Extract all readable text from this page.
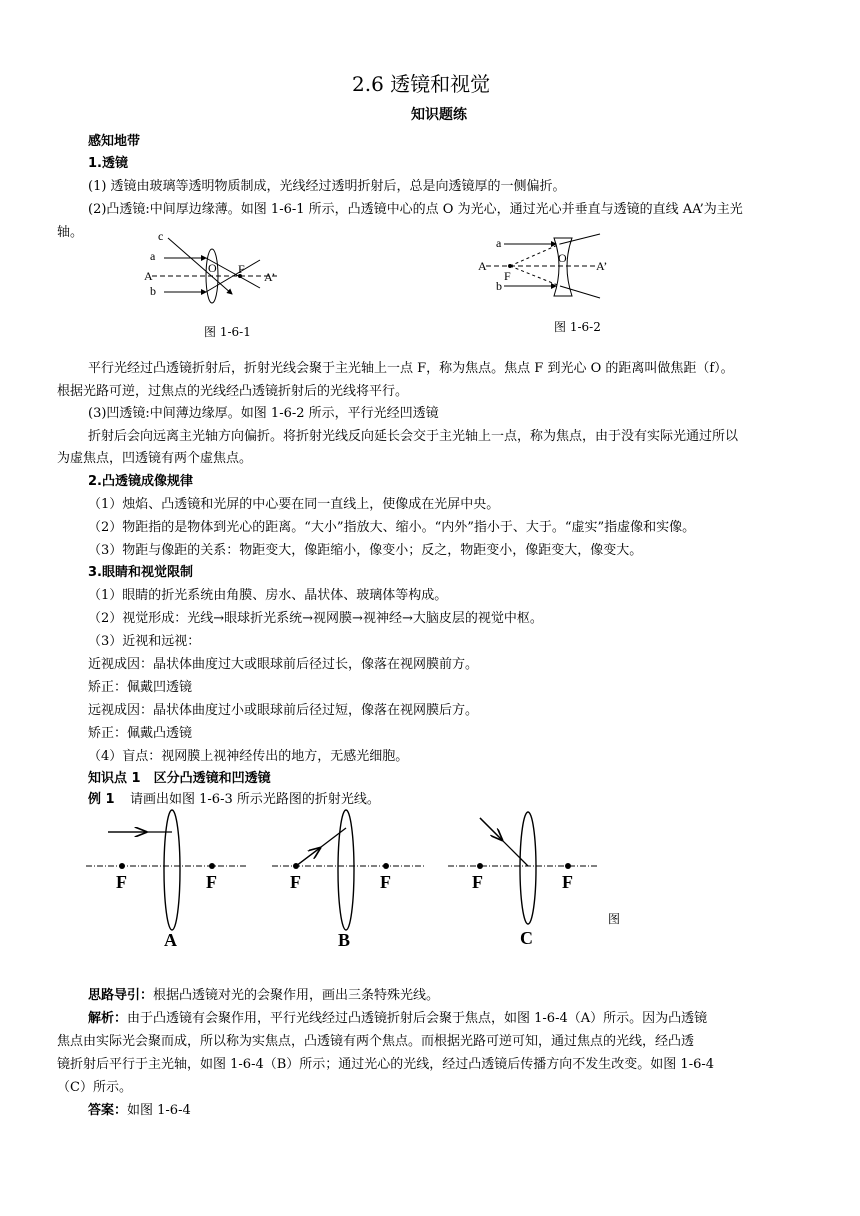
2.6 透镜和视觉
知识题练
感知地带
1.透镜
(1) 透镜由玻璃等透明物质制成，光线经过透明折射后，总是向透镜厚的一侧偏折。
(2)凸透镜:中间厚边缘薄。如图 1-6-1 所示，凸透镜中心的点 O 为光心，通过光心并垂直与透镜的直线 AA’为主光
轴。	c
a
A
b
O F
A’
图 1-6-1
a
A
F
O
A’
b
图 1-6-2
平行光经过凸透镜折射后，折射光线会聚于主光轴上一点 F，称为焦点。焦点 F 到光心 O 的距离叫做焦距（f）。
根据光路可逆，过焦点的光线经凸透镜折射后的光线将平行。
(3)凹透镜:中间薄边缘厚。如图 1-6-2 所示，平行光经凹透镜
折射后会向远离主光轴方向偏折。将折射光线反向延长会交于主光轴上一点，称为焦点，由于没有实际光通过所以
为虚焦点，凹透镜有两个虚焦点。
2.凸透镜成像规律
（1）烛焰、凸透镜和光屏的中心要在同一直线上，使像成在光屏中央。
（2）物距指的是物体到光心的距离。“大小”指放大、缩小。“内外”指小于、大于。“虚实”指虚像和实像。
（3）物距与像距的关系：物距变大，像距缩小，像变小；反之，物距变小，像距变大，像变大。
3.眼睛和视觉限制
（1）眼睛的折光系统由角膜、房水、晶状体、玻璃体等构成。
（2）视觉形成：光线→眼球折光系统→视网膜→视神经→大脑皮层的视觉中枢。
（3）近视和远视：
近视成因：晶状体曲度过大或眼球前后径过长，像落在视网膜前方。
矫正：佩戴凹透镜
远视成因：晶状体曲度过小或眼球前后径过短，像落在视网膜后方。
矫正：佩戴凸透镜
（4）盲点：视网膜上视神经传出的地方，无感光细胞。
知识点 1　区分凸透镜和凹透镜
例 1 请画出如图 1-6-3 所示光路图的折射光线。
F	F
A
F	F
B
F	F
C
图
思路导引：根据凸透镜对光的会聚作用，画出三条特殊光线。
解析：由于凸透镜有会聚作用，平行光线经过凸透镜折射后会聚于焦点，如图 1-6-4（A）所示。因为凸透镜
焦点由实际光会聚而成，所以称为实焦点，凸透镜有两个焦点。而根据光路可逆可知，通过焦点的光线，经凸透
镜折射后平行于主光轴，如图 1-6-4（B）所示；通过光心的光线，经过凸透镜后传播方向不发生改变。如图 1-6-4
（C）所示。
答案：如图 1-6-4
